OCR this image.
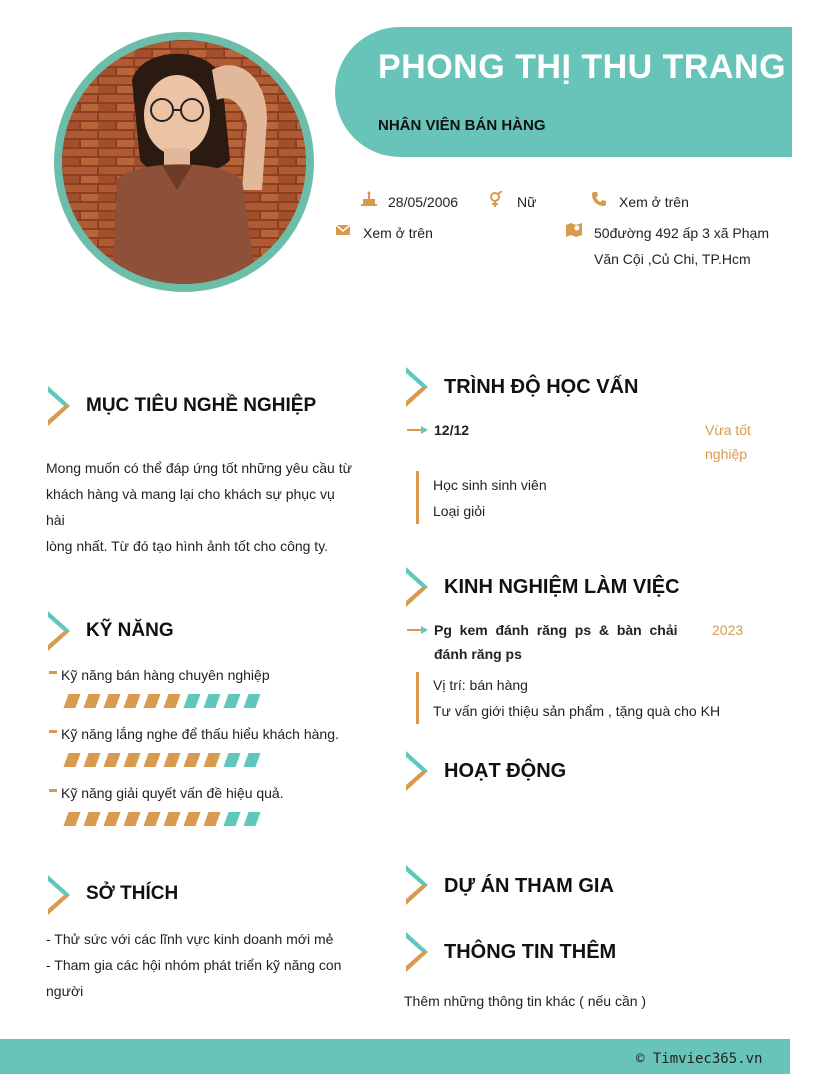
PHONG THỊ THU TRANG
NHÂN VIÊN BÁN HÀNG
28/05/2006	Nữ	Xem ở trên
Xem ở trên	50đường 492 ấp 3 xã Phạm
Văn Cội ,Củ Chi, TP.Hcm
MỤC TIÊU NGHỀ NGHIỆP
Mong muốn có thể đáp ứng tốt những yêu cầu từ
khách hàng và mang lại cho khách sự phục vụ hài
lòng nhất. Từ đó tạo hình ảnh tốt cho công ty.
KỸ NĂNG
Kỹ năng bán hàng chuyên nghiệp
Kỹ năng lắng nghe để thấu hiểu khách hàng.
Kỹ năng giải quyết vấn đề hiệu quả.
SỞ THÍCH
- Thử sức với các lĩnh vực kinh doanh mới mẻ
- Tham gia các hội nhóm phát triển kỹ năng con
người
TRÌNH ĐỘ HỌC VẤN
12/12	Vừa tốt
nghiệp
Học sinh sinh viên
Loại giỏi
KINH NGHIỆM LÀM VIỆC
Pg  kem  đánh  răng  ps  &  bàn  chải
đánh răng ps
2023
Vị trí: bán hàng
Tư vấn giới thiệu sản phẩm , tặng quà cho KH
HOẠT ĐỘNG
DỰ ÁN THAM GIA
THÔNG TIN THÊM
Thêm những thông tin khác ( nếu cần )
© Timviec365.vn
